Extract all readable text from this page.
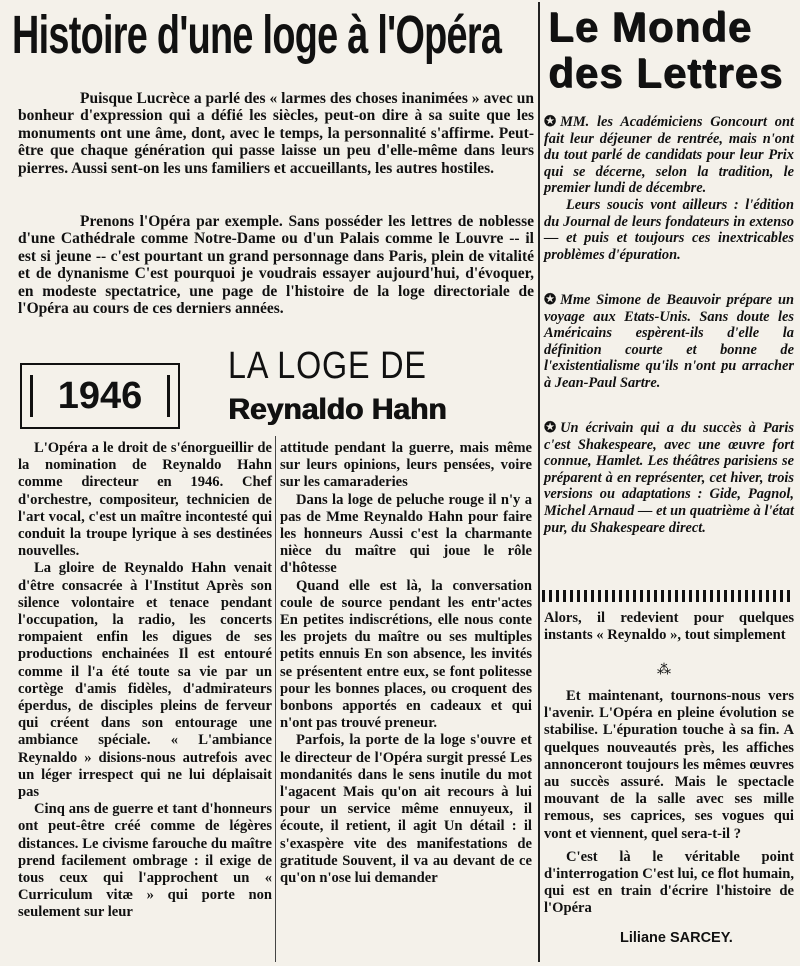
Histoire d'une loge à l'Opéra Le Monde
des Lettres
Puisque Lucrèce a parlé des « larmes des choses inanimées » avec un bonheur d'expression qui a défié les siècles, peut-on dire à sa suite que les monuments ont une âme, dont, avec le temps, la personnalité s'affirme. Peut-être que chaque génération qui passe laisse un peu d'elle-même dans leurs pierres. Aussi sent-on les uns familiers et accueillants, les autres hostiles.
Prenons l'Opéra par exemple. Sans posséder les lettres de noblesse d'une Cathédrale comme Notre-Dame ou d'un Palais comme le Louvre -- il est si jeune -- c'est pourtant un grand personnage dans Paris, plein de vitalité et de dynanisme C'est pourquoi je voudrais essayer aujourd'hui, d'évoquer, en modeste spectatrice, une page de l'histoire de la loge directoriale de l'Opéra au cours de ces derniers années.
1946
LA LOGE DE
Reynaldo Hahn

L'Opéra a le droit de s'énorgueillir de la nomination de Reynaldo Hahn comme directeur en 1946. Chef d'orchestre, compositeur, technicien de l'art vocal, c'est un maître incontesté qui conduit la troupe lyrique à ses destinées nouvelles.

La gloire de Reynaldo Hahn venait d'être consacrée à l'Institut Après son silence volontaire et tenace pendant l'occupation, la radio, les concerts rompaient enfin les digues de ses productions enchainées Il est entouré comme il l'a été toute sa vie par un cortège d'amis fidèles, d'admirateurs éperdus, de disciples pleins de ferveur qui créent dans son entourage une ambiance spéciale. « L'ambiance Reynaldo » disions-nous autrefois avec un léger irrespect qui ne lui déplaisait pas

Cinq ans de guerre et tant d'honneurs ont peut-être créé comme de légères distances. Le civisme farouche du maître prend facilement ombrage : il exige de tous ceux qui l'approchent un « Curriculum vitæ » qui porte non seulement sur leur

attitude pendant la guerre, mais même sur leurs opinions, leurs pensées, voire sur les camaraderies

Dans la loge de peluche rouge il n'y a pas de Mme Reynaldo Hahn pour faire les honneurs Aussi c'est la charmante nièce du maître qui joue le rôle d'hôtesse

Quand elle est là, la conversation coule de source pendant les entr'actes En petites indiscrétions, elle nous conte les projets du maître ou ses multiples petits ennuis En son absence, les invités se présentent entre eux, se font politesse pour les bonnes places, ou croquent des bonbons apportés en cadeaux et qui n'ont pas trouvé preneur.

Parfois, la porte de la loge s'ouvre et le directeur de l'Opéra surgit pressé Les mondanités dans le sens inutile du mot l'agacent Mais qu'on ait recours à lui pour un service même ennuyeux, il écoute, il retient, il agit Un détail : il s'exaspère vite des manifestations de gratitude Souvent, il va au devant de ce qu'on n'ose lui demander

✪ MM. les Académiciens Goncourt ont fait leur déjeuner de rentrée, mais n'ont du tout parlé de candidats pour leur Prix qui se décerne, selon la tradition, le premier lundi de décembre.

Leurs soucis vont ailleurs : l'édition du Journal de leurs fondateurs in extenso — et puis et toujours ces inextricables problèmes d'épuration.

✪ Mme Simone de Beauvoir prépare un voyage aux Etats-Unis. Sans doute les Américains espèrent-ils d'elle la définition courte et bonne de l'existentialisme qu'ils n'ont pu arracher à Jean-Paul Sartre.

✪ Un écrivain qui a du succès à Paris c'est Shakespeare, avec une œuvre fort connue, Hamlet. Les théâtres parisiens se préparent à en représenter, cet hiver, trois versions ou adaptations : Gide, Pagnol, Michel Arnaud — et un quatrième à l'état pur, du Shakespeare direct.

Alors, il redevient pour quelques instants « Reynaldo », tout simplement

⁂

Et maintenant, tournons-nous vers l'avenir. L'Opéra en pleine évolution se stabilise. L'épuration touche à sa fin. A quelques nouveautés près, les affiches annonceront toujours les mêmes œuvres au succès assuré. Mais le spectacle mouvant de la salle avec ses mille remous, ses caprices, ses vogues qui vont et viennent, quel sera-t-il ?

C'est là le véritable point d'interrogation C'est lui, ce flot humain, qui est en train d'écrire l'histoire de l'Opéra

Liliane SARCEY.
